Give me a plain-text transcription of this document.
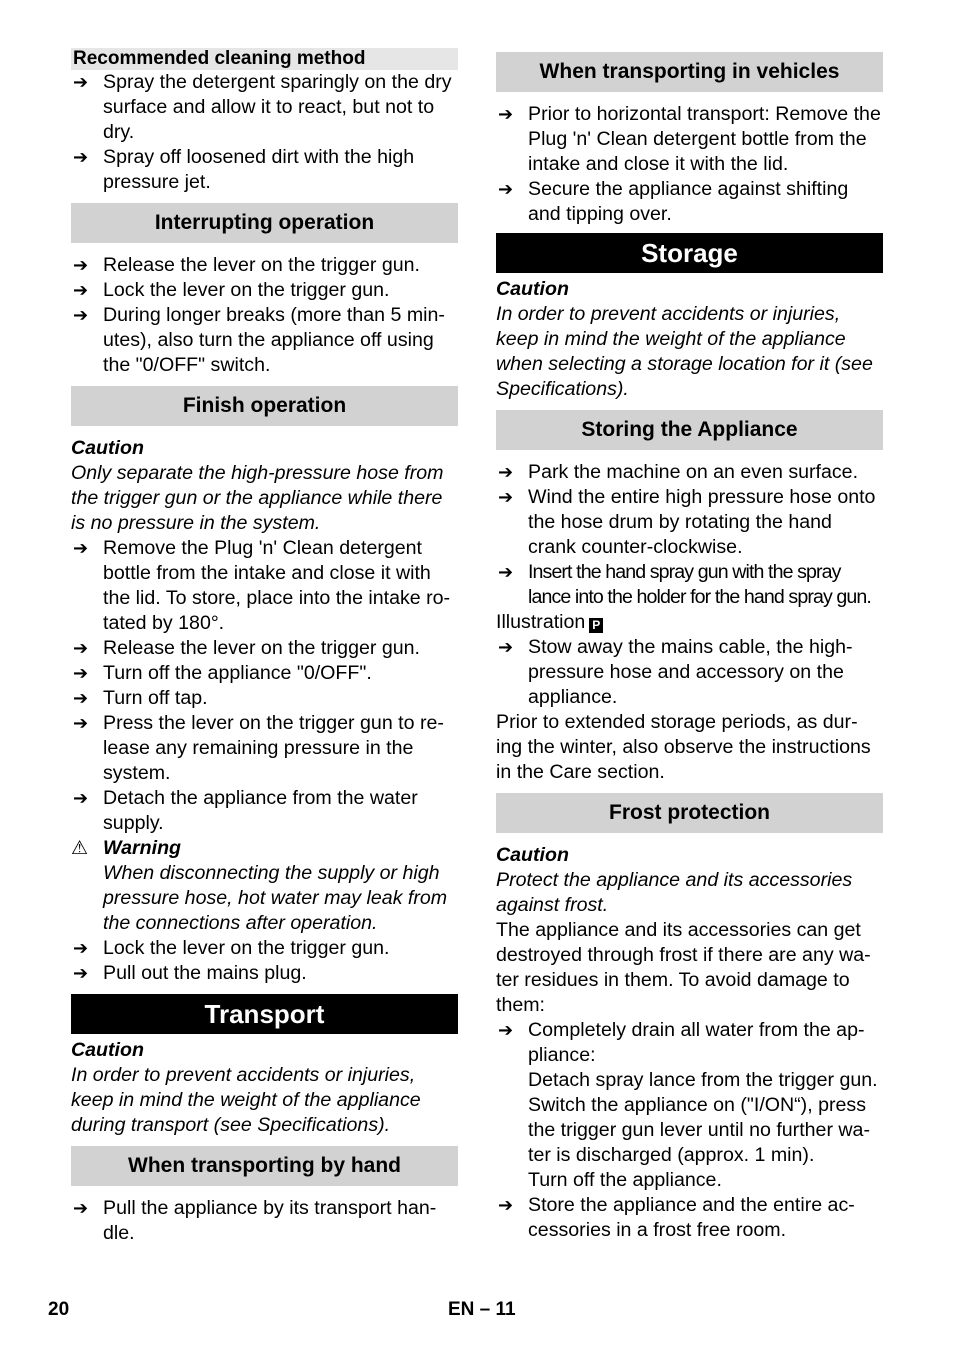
Recommended cleaning method
➔ Spray the detergent sparingly on the dry surface and allow it to react, but not to dry.
➔ Spray off loosened dirt with the high pressure jet.
Interrupting operation
➔ Release the lever on the trigger gun.
➔ Lock the lever on the trigger gun.
➔ During longer breaks (more than 5 min-utes), also turn the appliance off using the "0/OFF" switch.
Finish operation
Caution
Only separate the high-pressure hose from the trigger gun or the appliance while there is no pressure in the system.
➔ Remove the Plug 'n' Clean detergent bottle from the intake and close it with the lid. To store, place into the intake ro-tated by 180°.
➔ Release the lever on the trigger gun.
➔ Turn off the appliance "0/OFF".
➔ Turn off tap.
➔ Press the lever on the trigger gun to re-lease any remaining pressure in the system.
➔ Detach the appliance from the water supply.
⚠ Warning
When disconnecting the supply or high pressure hose, hot water may leak from the connections after operation.
➔ Lock the lever on the trigger gun.
➔ Pull out the mains plug.
Transport
Caution
In order to prevent accidents or injuries, keep in mind the weight of the appliance during transport (see Specifications).
When transporting by hand
➔ Pull the appliance by its transport han-dle.
When transporting in vehicles
➔ Prior to horizontal transport: Remove the Plug 'n' Clean detergent bottle from the intake and close it with the lid.
➔ Secure the appliance against shifting and tipping over.
Storage
Caution
In order to prevent accidents or injuries, keep in mind the weight of the appliance when selecting a storage location for it (see Specifications).
Storing the Appliance
➔ Park the machine on an even surface.
➔ Wind the entire high pressure hose onto the hose drum by rotating the hand crank counter-clockwise.
➔ Insert the hand spray gun with the spray lance into the holder for the hand spray gun.
Illustration P
➔ Stow away the mains cable, the high-pressure hose and accessory on the appliance.
Prior to extended storage periods, as dur-ing the winter, also observe the instructions in the Care section.
Frost protection
Caution
Protect the appliance and its accessories against frost.
The appliance and its accessories can get destroyed through frost if there are any wa-ter residues in them. To avoid damage to them:
➔ Completely drain all water from the ap-pliance:
Detach spray lance from the trigger gun.
Switch the appliance on ("I/ON“), press the trigger gun lever until no further wa-ter is discharged (approx. 1 min).
Turn off the appliance.
➔ Store the appliance and the entire ac-cessories in a frost free room.
20	EN – 11
